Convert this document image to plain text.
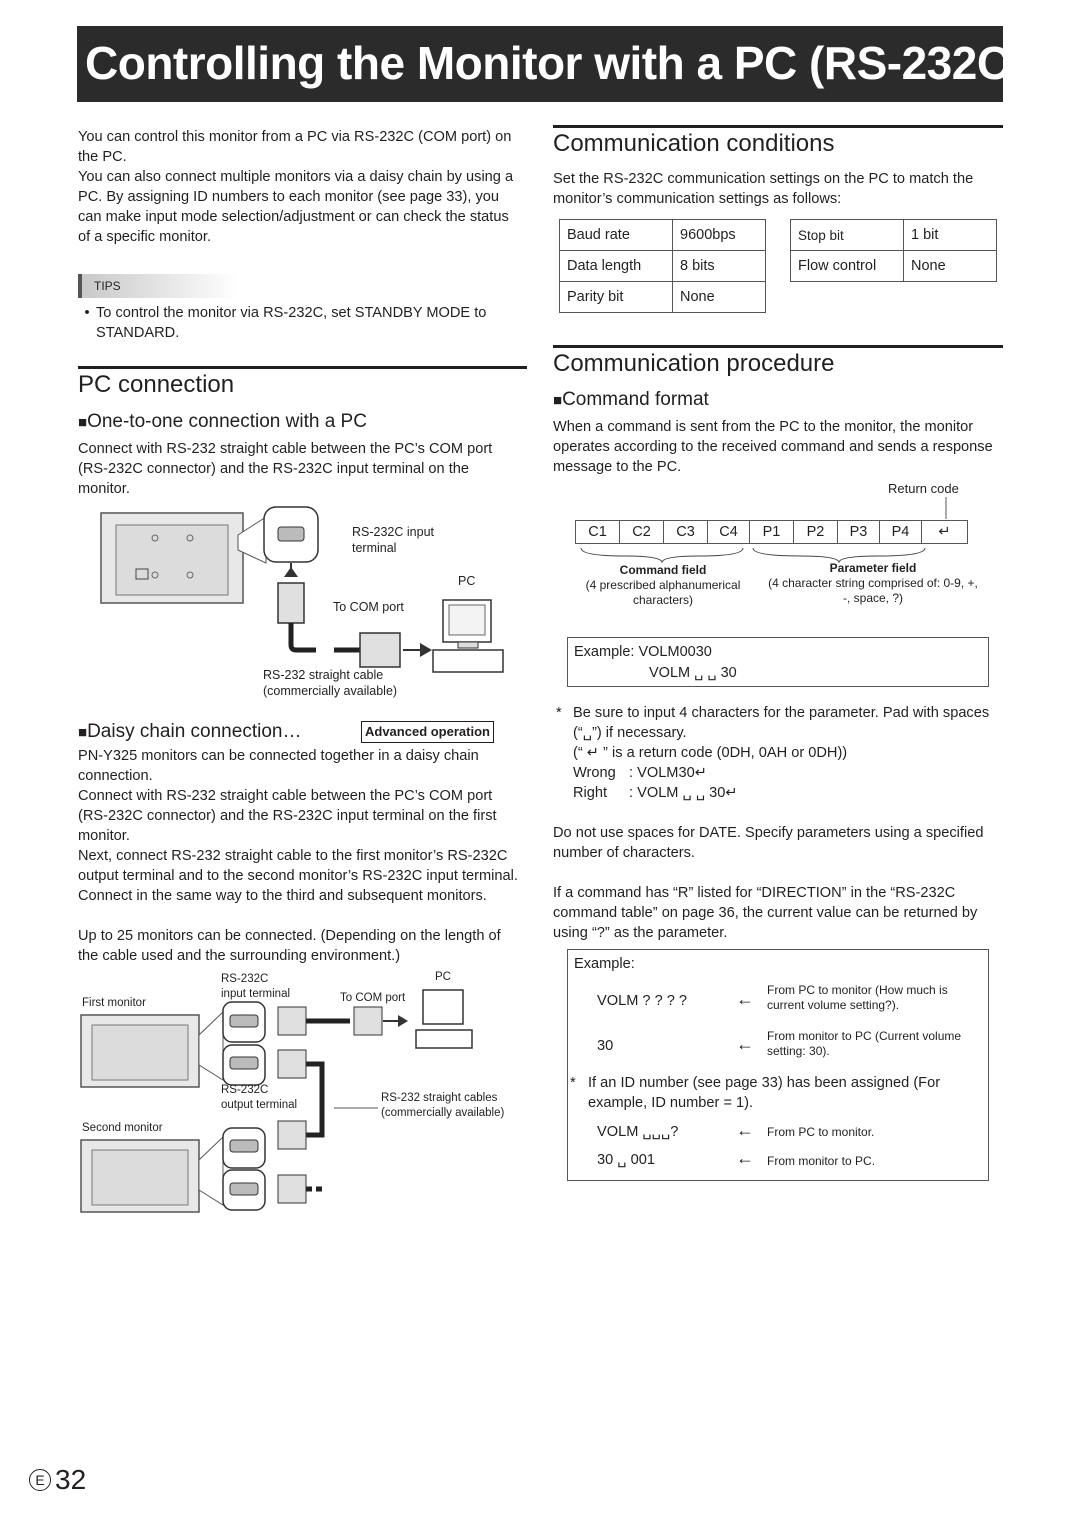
Controlling the Monitor with a PC (RS-232C)

You can control this monitor from a PC via RS-232C (COM port) on the PC.

You can also connect multiple monitors via a daisy chain by using a PC. By assigning ID numbers to each monitor (see page 33), you can make input mode selection/adjustment or can check the status of a specific monitor.

TIPS
• To control the monitor via RS-232C, set STANDBY MODE to STANDARD.
PC connection
■One-to-one connection with a PC

Connect with RS-232 straight cable between the PC’s COM port (RS-232C connector) and the RS-232C input terminal on the monitor.

RS-232C input terminal
PC
To COM port
RS-232 straight cable (commercially available)
■Daisy chain connection…	Advanced operation

PN-Y325 monitors can be connected together in a daisy chain connection.

Connect with RS-232 straight cable between the PC’s COM port (RS-232C connector) and the RS-232C input terminal on the first monitor.

Next, connect RS-232 straight cable to the first monitor’s RS-232C output terminal and to the second monitor’s RS-232C input terminal. Connect in the same way to the third and subsequent monitors.

Up to 25 monitors can be connected. (Depending on the length of the cable used and the surrounding environment.)

First monitor
Second monitor
RS-232C
input terminal
RS-232C
output terminal
PC
To COM port
RS-232 straight cables
(commercially available)
Communication conditions

Set the RS-232C communication settings on the PC to match the monitor’s communication settings as follows:

Baud rate	9600bps
Data length	8 bits
Parity bit	None
Stop bit	1 bit
Flow control	None
Communication procedure
■Command format

When a command is sent from the PC to the monitor, the monitor operates according to the received command and sends a response message to the PC.

Return code
C1	C2	C3	C4	P1	P2	P3	P4	↵
Command field
(4 prescribed alphanumerical characters)
Parameter field
(4 character string comprised of: 0-9, +, -, space, ?)
Example: VOLM0030
VOLM ␣ ␣ 30
* Be sure to input 4 characters for the parameter. Pad with spaces (“␣”) if necessary.

(“ ↵ ” is a return code (0DH, 0AH or 0DH))

Wrong : VOLM30↵
Right : VOLM ␣ ␣ 30↵

Do not use spaces for DATE. Specify parameters using a specified number of characters.

If a command has “R” listed for “DIRECTION” in the “RS-232C command table” on page 36, the current value can be returned by using “?” as the parameter.

Example:
VOLM ? ? ? ?	← From PC to monitor (How much is current volume setting?).
30	← From monitor to PC (Current volume setting: 30).
* If an ID number (see page 33) has been assigned (For example, ID number = 1).

VOLM ␣␣␣?	← From PC to monitor.
30 ␣ 001	← From monitor to PC.
E 32
